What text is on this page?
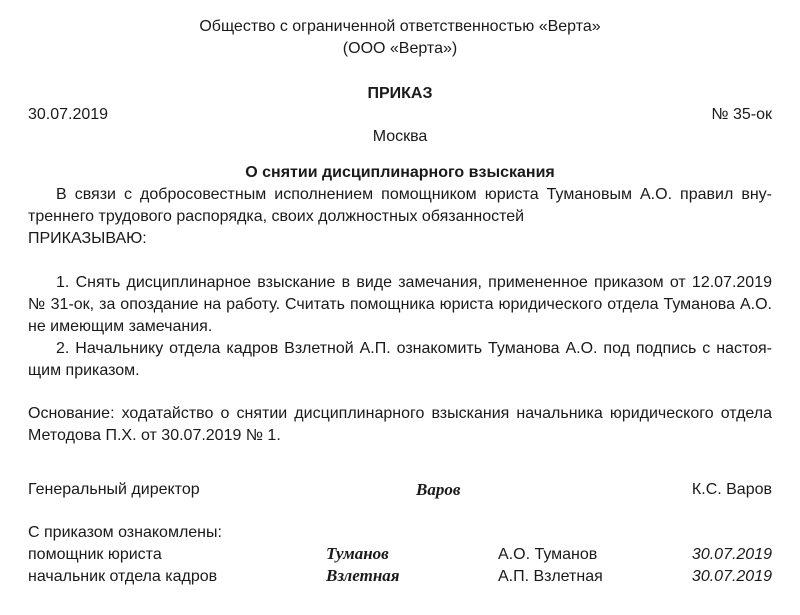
Общество с ограниченной ответственностью «Верта»
(ООО «Верта»)
ПРИКАЗ
30.07.2019	№ 35-ок
Москва
О снятии дисциплинарного взыскания
В связи с добросовестным исполнением помощником юриста Тумановым А.О. правил вну-
треннего трудового распорядка, своих должностных обязанностей
ПРИКАЗЫВАЮ:
1. Снять дисциплинарное взыскание в виде замечания, примененное приказом от 12.07.2019
№ 31-ок, за опоздание на работу. Считать помощника юриста юридического отдела Туманова А.О.
не имеющим замечания.
2. Начальнику отдела кадров Взлетной А.П. ознакомить Туманова А.О. под подпись с настоя-
щим приказом.
Основание: ходатайство о снятии дисциплинарного взыскания начальника юридического отдела
Методова П.Х. от 30.07.2019 № 1.
Генеральный директор	Варов	К.С. Варов
С приказом ознакомлены:
помощник юриста	Туманов	А.О. Туманов	30.07.2019
начальник отдела кадров	Взлетная	А.П. Взлетная	30.07.2019
